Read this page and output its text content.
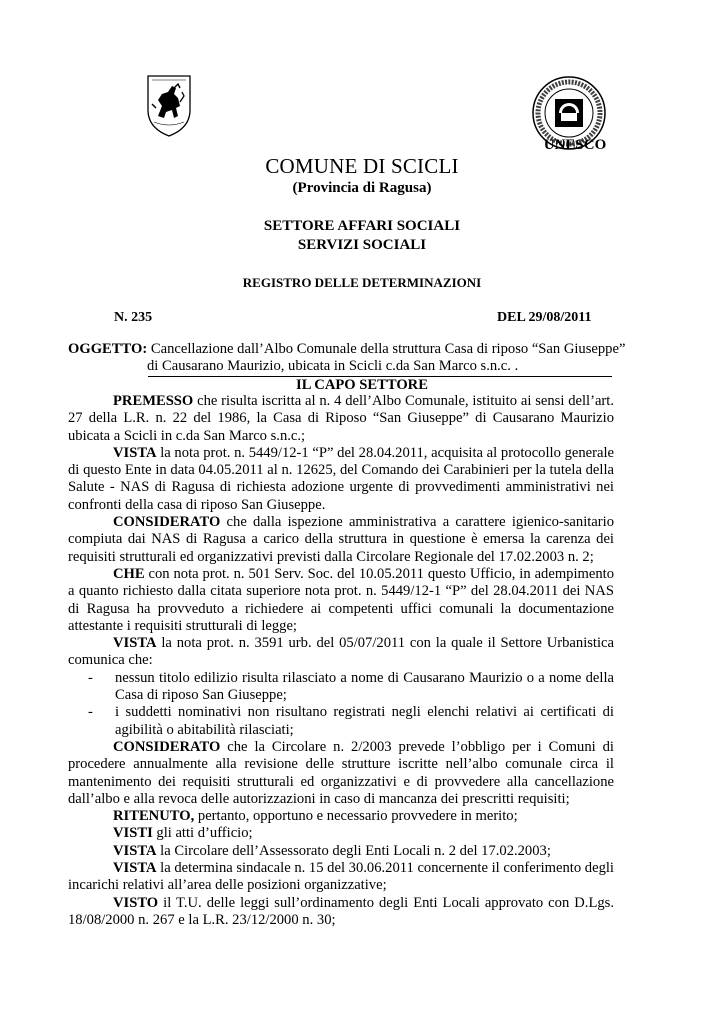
UNESCO
COMUNE DI SCICLI
(Provincia di Ragusa)
SETTORE AFFARI SOCIALI
SERVIZI SOCIALI
REGISTRO DELLE DETERMINAZIONI
N. 235	DEL 29/08/2011
OGGETTO: Cancellazione dall’Albo Comunale della struttura Casa di riposo “San Giuseppe”
di Causarano Maurizio, ubicata in Scicli c.da San Marco s.n.c. .
IL CAPO SETTORE

PREMESSO che risulta iscritta al n. 4 dell’Albo Comunale, istituito ai sensi dell’art. 27 della L.R. n. 22 del 1986, la Casa di Riposo “San Giuseppe” di Causarano Maurizio ubicata a Scicli in c.da San Marco s.n.c.;

VISTA la nota prot. n. 5449/12-1 “P” del 28.04.2011, acquisita al protocollo generale di questo Ente in data 04.05.2011 al n. 12625, del Comando dei Carabinieri per la tutela della Salute - NAS di Ragusa di richiesta adozione urgente di provvedimenti amministrativi nei confronti della casa di riposo San Giuseppe.

CONSIDERATO che dalla ispezione amministrativa a carattere igienico-sanitario compiuta dai NAS di Ragusa a carico della struttura in questione è emersa la carenza dei requisiti strutturali ed organizzativi previsti dalla Circolare Regionale del 17.02.2003 n. 2;

CHE con nota prot. n. 501 Serv. Soc. del 10.05.2011 questo Ufficio, in adempimento a quanto richiesto dalla citata superiore nota prot. n. 5449/12-1 “P” del 28.04.2011 dei NAS di Ragusa ha provveduto a richiedere ai competenti uffici comunali la documentazione attestante i requisiti strutturali di legge;

VISTA la nota prot. n. 3591 urb. del 05/07/2011 con la quale il Settore Urbanistica comunica che:

- nessun titolo edilizio risulta rilasciato a nome di Causarano Maurizio o a nome della Casa di riposo San Giuseppe;

- i suddetti nominativi non risultano registrati negli elenchi relativi ai certificati di agibilità o abitabilità rilasciati;

CONSIDERATO che la Circolare n. 2/2003 prevede l’obbligo per i Comuni di procedere annualmente alla revisione delle strutture iscritte nell’albo comunale circa il mantenimento dei requisiti strutturali ed organizzativi e di provvedere alla cancellazione dall’albo e alla revoca delle autorizzazioni in caso di mancanza dei prescritti requisiti;

RITENUTO, pertanto, opportuno e necessario provvedere in merito;

VISTI gli atti d’ufficio;

VISTA la Circolare dell’Assessorato degli Enti Locali n. 2 del 17.02.2003;

VISTA la determina sindacale n. 15 del 30.06.2011 concernente il conferimento degli incarichi relativi all’area delle posizioni organizzative;

VISTO il T.U. delle leggi sull’ordinamento degli Enti Locali approvato con D.Lgs. 18/08/2000 n. 267 e la L.R. 23/12/2000 n. 30;
